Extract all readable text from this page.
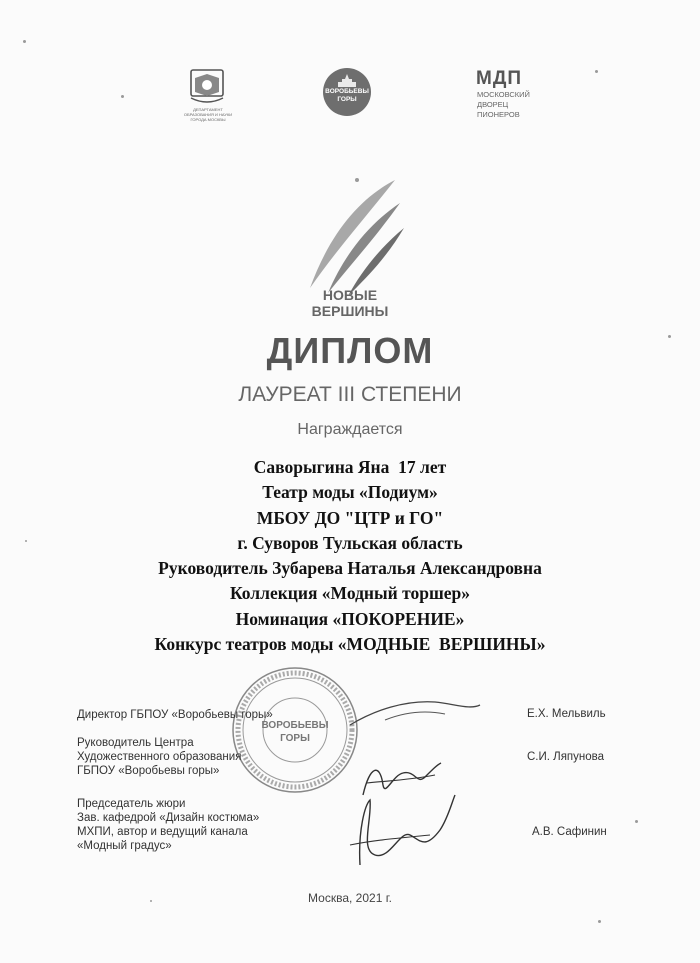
ДЕПАРТАМЕНТ ОБРАЗОВАНИЯ И НАУКИ ГОРОДА МОСКВЫ
ВОРОБЬЕВЫ
ГОРЫ
МДП
МОСКОВСКИЙ
ДВОРЕЦ
ПИОНЕРОВ
НОВЫЕ
ВЕРШИНЫ
ДИПЛОМ
ЛАУРЕАТ III СТЕПЕНИ
Награждается
Саворыгина Яна  17 лет
Театр моды «Подиум»
МБОУ ДО "ЦТР и ГО"
г. Суворов Тульская область
Руководитель Зубарева Наталья Александровна
Коллекция «Модный торшер»
Номинация «ПОКОРЕНИЕ»
Конкурс театров моды «МОДНЫЕ  ВЕРШИНЫ»
ВОРОБЬЕВЫ
ГОРЫ
Директор ГБПОУ «Воробьевы горы»	Е.Х. Мельвиль
Руководитель Центра
Художественного образования
ГБПОУ «Воробьевы горы»
С.И. Ляпунова
Председатель жюри
Зав. кафедрой «Дизайн костюма»
МХПИ, автор и ведущий канала
«Модный градус»
А.В. Сафинин
Москва, 2021 г.
